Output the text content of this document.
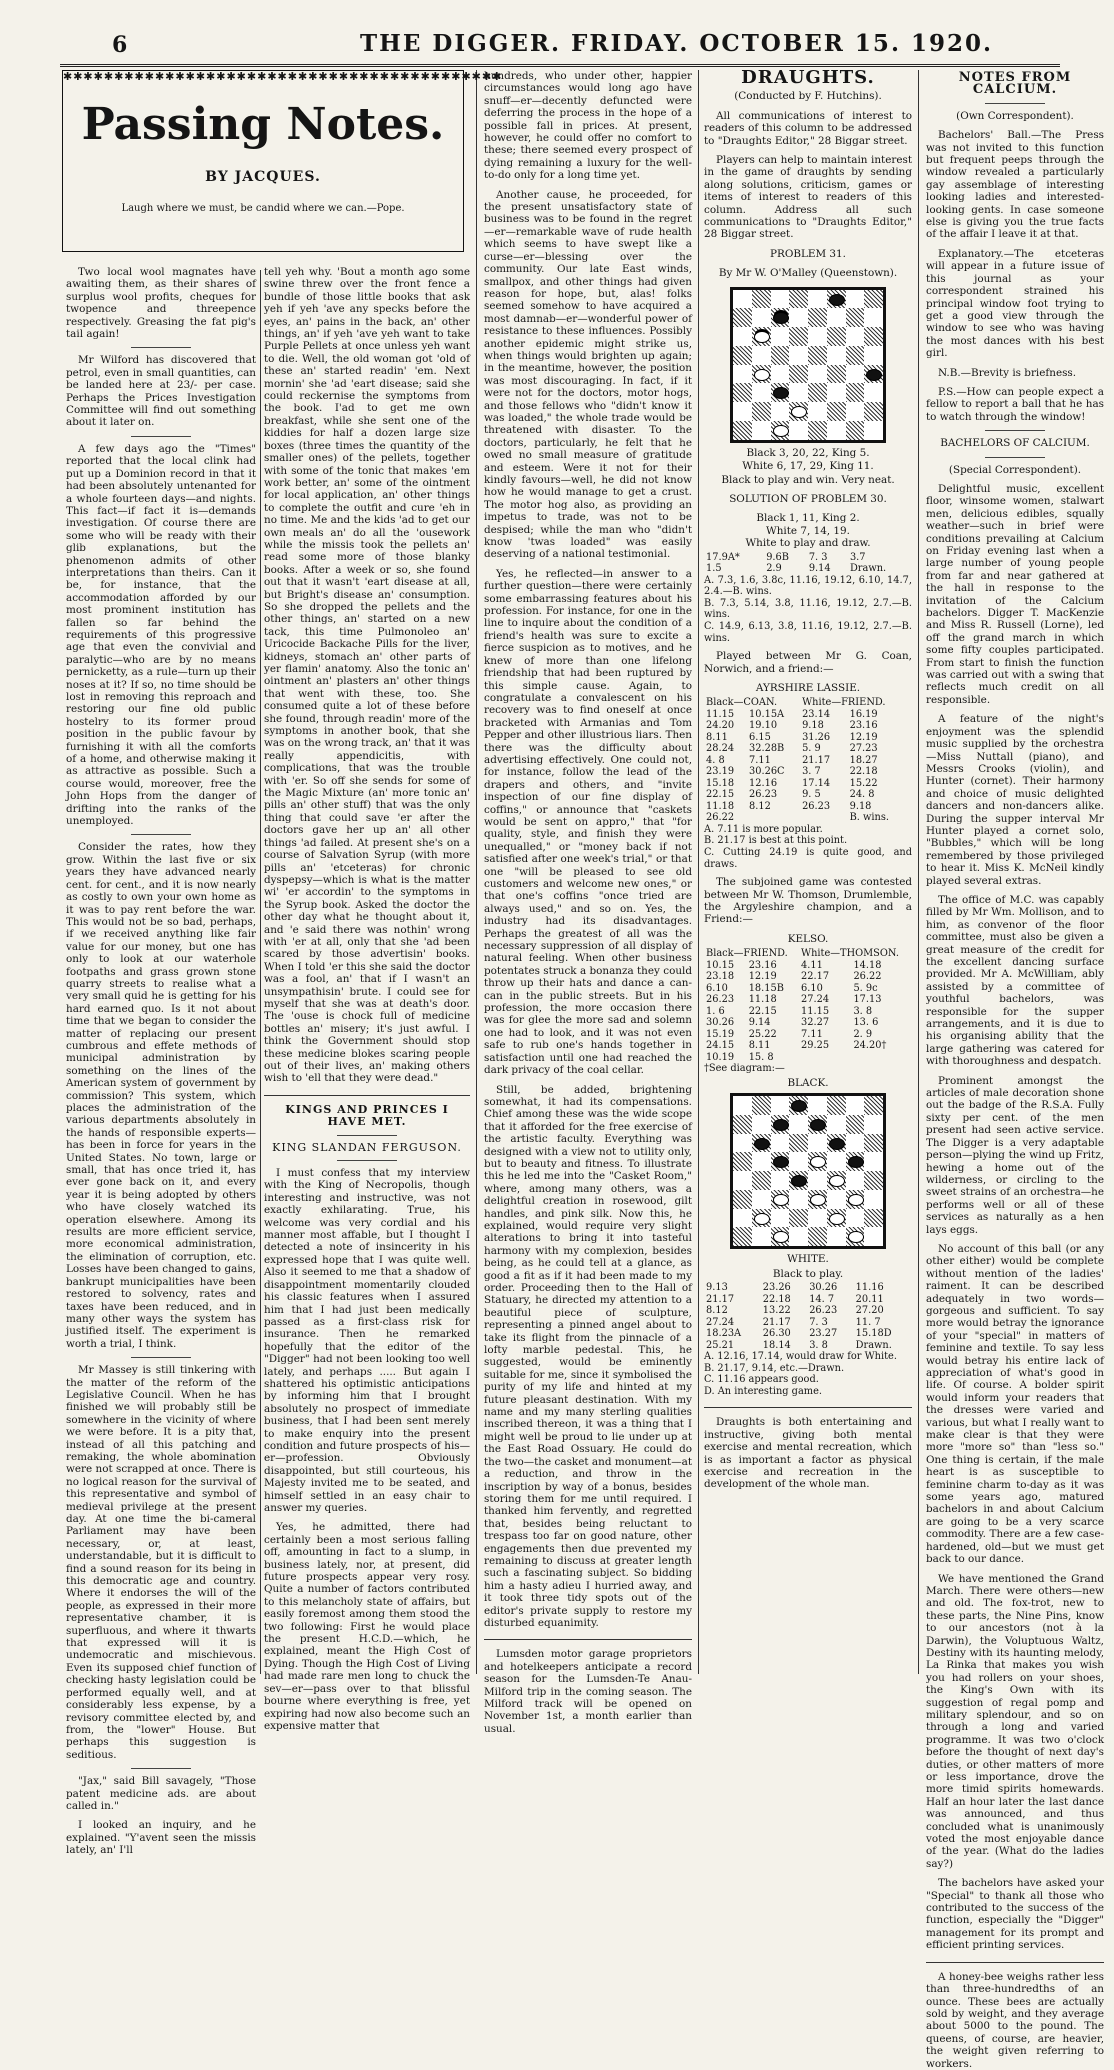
6	THE DIGGER. FRIDAY. OCTOBER 15. 1920.
✱✱✱✱✱✱✱✱✱✱✱✱✱✱✱✱✱✱✱✱✱✱✱✱✱✱✱✱✱✱✱✱✱✱✱✱✱✱✱✱✱✱✱
Passing Notes.
BY JACQUES.
Laugh where we must, be candid where we can.—Pope.

Two local wool magnates have awaiting them, as their shares of surplus wool profits, cheques for twopence and threepence respectively. Greasing the fat pig's tail again!

Mr Wilford has discovered that petrol, even in small quantities, can be landed here at 23/- per case. Perhaps the Prices Investigation Committee will find out something about it later on.

A few days ago the "Times" reported that the local clink had put up a Dominion record in that it had been absolutely untenanted for a whole fourteen days—and nights. This fact—if fact it is—demands investigation. Of course there are some who will be ready with their glib explanations, but the phenomenon admits of other interpretations than theirs. Can it be, for instance, that the accommodation afforded by our most prominent institution has fallen so far behind the requirements of this progressive age that even the convivial and paralytic—who are by no means pernicketty, as a rule—turn up their noses at it? If so, no time should be lost in removing this reproach and restoring our fine old public hostelry to its former proud position in the public favour by furnishing it with all the comforts of a home, and otherwise making it as attractive as possible. Such a course would, moreover, free the John Hops from the danger of drifting into the ranks of the unemployed.

Consider the rates, how they grow. Within the last five or six years they have advanced nearly cent. for cent., and it is now nearly as costly to own your own home as it was to pay rent before the war. This would not be so bad, perhaps, if we received anything like fair value for our money, but one has only to look at our waterhole footpaths and grass grown stone quarry streets to realise what a very small quid he is getting for his hard earned quo. Is it not about time that we began to consider the matter of replacing our present cumbrous and effete methods of municipal administration by something on the lines of the American system of government by commission? This system, which places the administration of the various departments absolutely in the hands of responsible experts—has been in force for years in the United States. No town, large or small, that has once tried it, has ever gone back on it, and every year it is being adopted by others who have closely watched its operation elsewhere. Among its results are more efficient service, more economical administration, the elimination of corruption, etc. Losses have been changed to gains, bankrupt municipalities have been restored to solvency, rates and taxes have been reduced, and in many other ways the system has justified itself. The experiment is worth a trial, I think.

Mr Massey is still tinkering with the matter of the reform of the Legislative Council. When he has finished we will probably still be somewhere in the vicinity of where we were before. It is a pity that, instead of all this patching and remaking, the whole abomination were not scrapped at once. There is no logical reason for the survival of this representative and symbol of medieval privilege at the present day. At one time the bi-cameral Parliament may have been necessary, or, at least, understandable, but it is difficult to find a sound reason for its being in this democratic age and country. Where it endorses the will of the people, as expressed in their more representative chamber, it is superfluous, and where it thwarts that expressed will it is undemocratic and mischievous. Even its supposed chief function of checking hasty legislation could be performed equally well, and at considerably less expense, by a revisory committee elected by, and from, the "lower" House. But perhaps this suggestion is seditious.

"Jax," said Bill savagely, "Those patent medicine ads. are about called in."

I looked an inquiry, and he explained. "Y'avent seen the missis lately, an' I'll

tell yeh why. 'Bout a month ago some swine threw over the front fence a bundle of those little books that ask yeh if yeh 'ave any specks before the eyes, an' pains in the back, an' other things, an' if yeh 'ave yeh want to take Purple Pellets at once unless yeh want to die. Well, the old woman got 'old of these an' started readin' 'em. Next mornin' she 'ad 'eart disease; said she could reckernise the symptoms from the book. I'ad to get me own breakfast, while she sent one of the kiddies for half a dozen large size boxes (three times the quantity of the smaller ones) of the pellets, together with some of the tonic that makes 'em work better, an' some of the ointment for local application, an' other things to complete the outfit and cure 'eh in no time. Me and the kids 'ad to get our own meals an' do all the 'ousework while the missis took the pellets an' read some more of those blanky books. After a week or so, she found out that it wasn't 'eart disease at all, but Bright's disease an' consumption. So she dropped the pellets and the other things, an' started on a new tack, this time Pulmonoleo an' Uricocide Backache Pills for the liver, kidneys, stomach an' other parts of yer flamin' anatomy. Also the tonic an' ointment an' plasters an' other things that went with these, too. She consumed quite a lot of these before she found, through readin' more of the symptoms in another book, that she was on the wrong track, an' that it was really appendicitis, with complications, that was the trouble with 'er. So off she sends for some of the Magic Mixture (an' more tonic an' pills an' other stuff) that was the only thing that could save 'er after the doctors gave her up an' all other things 'ad failed. At present she's on a course of Salvation Syrup (with more pills an' 'etceteras) for chronic dyspepsy—which is what is the matter wi' 'er accordin' to the symptoms in the Syrup book. Asked the doctor the other day what he thought about it, and 'e said there was nothin' wrong with 'er at all, only that she 'ad been scared by those advertisin' books. When I told 'er this she said the doctor was a fool, an' that if I wasn't an unsympathisin' brute. I could see for myself that she was at death's door. The 'ouse is chock full of medicine bottles an' misery; it's just awful. I think the Government should stop these medicine blokes scaring people out of their lives, an' making others wish to 'ell that they were dead."

KINGS AND PRINCES I HAVE MET.
KING SLANDAN FERGUSON.

I must confess that my interview with the King of Necropolis, though interesting and instructive, was not exactly exhilarating. True, his welcome was very cordial and his manner most affable, but I thought I detected a note of insincerity in his expressed hope that I was quite well. Also it seemed to me that a shadow of disappointment momentarily clouded his classic features when I assured him that I had just been medically passed as a first-class risk for insurance. Then he remarked hopefully that the editor of the "Digger" had not been looking too well lately, and perhaps ..... But again I shattered his optimistic anticipations by informing him that I brought absolutely no prospect of immediate business, that I had been sent merely to make enquiry into the present condition and future prospects of his—er—profession. Obviously disappointed, but still courteous, his Majesty invited me to be seated, and himself settled in an easy chair to answer my queries.

Yes, he admitted, there had certainly been a most serious falling off, amounting in fact to a slump, in business lately, nor, at present, did future prospects appear very rosy. Quite a number of factors contributed to this melancholy state of affairs, but easily foremost among them stood the two following: First he would place the present H.C.D.—which, he explained, meant the High Cost of Dying. Though the High Cost of Living had made rare men long to chuck the sev—er—pass over to that blissful bourne where everything is free, yet expiring had now also become such an expensive matter that

hundreds, who under other, happier circumstances would long ago have snuff—er—decently defuncted were deferring the process in the hope of a possible fall in prices. At present, however, he could offer no comfort to these; there seemed every prospect of dying remaining a luxury for the well-to-do only for a long time yet.

Another cause, he proceeded, for the present unsatisfactory state of business was to be found in the regret—er—remarkable wave of rude health which seems to have swept like a curse—er—blessing over the community. Our late East winds, smallpox, and other things had given reason for hope, but, alas! folks seemed somehow to have acquired a most damnab—er—wonderful power of resistance to these influences. Possibly another epidemic might strike us, when things would brighten up again; in the meantime, however, the position was most discouraging. In fact, if it were not for the doctors, motor hogs, and those fellows who "didn't know it was loaded," the whole trade would be threatened with disaster. To the doctors, particularly, he felt that he owed no small measure of gratitude and esteem. Were it not for their kindly favours—well, he did not know how he would manage to get a crust. The motor hog also, as providing an impetus to trade, was not to be despised; while the man who "didn't know 'twas loaded" was easily deserving of a national testimonial.

Yes, he reflected—in answer to a further question—there were certainly some embarrassing features about his profession. For instance, for one in the line to inquire about the condition of a friend's health was sure to excite a fierce suspicion as to motives, and he knew of more than one lifelong friendship that had been ruptured by this simple cause. Again, to congratulate a convalescent on his recovery was to find oneself at once bracketed with Armanias and Tom Pepper and other illustrious liars. Then there was the difficulty about advertising effectively. One could not, for instance, follow the lead of the drapers and others, and "invite inspection of our fine display of coffins," or announce that "caskets would be sent on appro," that "for quality, style, and finish they were unequalled," or "money back if not satisfied after one week's trial," or that one "will be pleased to see old customers and welcome new ones," or that one's coffins "once tried are always used," and so on. Yes, the industry had its disadvantages. Perhaps the greatest of all was the necessary suppression of all display of natural feeling. When other business potentates struck a bonanza they could throw up their hats and dance a can-can in the public streets. But in his profession, the more occasion there was for glee the more sad and solemn one had to look, and it was not even safe to rub one's hands together in satisfaction until one had reached the dark privacy of the coal cellar.

Still, be added, brightening somewhat, it had its compensations. Chief among these was the wide scope that it afforded for the free exercise of the artistic faculty. Everything was designed with a view not to utility only, but to beauty and fitness. To illustrate this he led me into the "Casket Room," where, among many others, was a delightful creation in rosewood, gilt handles, and pink silk. Now this, he explained, would require very slight alterations to bring it into tasteful harmony with my complexion, besides being, as he could tell at a glance, as good a fit as if it had been made to my order. Proceeding then to the Hall of Statuary, he directed my attention to a beautiful piece of sculpture, representing a pinned angel about to take its flight from the pinnacle of a lofty marble pedestal. This, he suggested, would be eminently suitable for me, since it symbolised the purity of my life and hinted at my future pleasant destination. With my name and my many sterling qualities inscribed thereon, it was a thing that I might well be proud to lie under up at the East Road Ossuary. He could do the two—the casket and monument—at a reduction, and throw in the inscription by way of a bonus, besides storing them for me until required. I thanked him fervently, and regretted that, besides being reluctant to trespass too far on good nature, other engagements then due prevented my remaining to discuss at greater length such a fascinating subject. So bidding him a hasty adieu I hurried away, and it took three tidy spots out of the editor's private supply to restore my disturbed equanimity.

Lumsden motor garage proprietors and hotelkeepers anticipate a record season for the Lumsden-Te Anau-Milford trip in the coming season. The Milford track will be opened on November 1st, a month earlier than usual.

DRAUGHTS.

(Conducted by F. Hutchins).

All communications of interest to readers of this column to be addressed to "Draughts Editor," 28 Biggar street.

Players can help to maintain interest in the game of draughts by sending along solutions, criticism, games or items of interest to readers of this column. Address all such communications to "Draughts Editor," 28 Biggar street.

PROBLEM 31.

By Mr W. O'Malley (Queenstown).

Black 3, 20, 22, King 5.

White 6, 17, 29, King 11.

Black to play and win. Very neat.

SOLUTION OF PROBLEM 30.

Black 1, 11, King 2.

White 7, 14, 19.

White to play and draw.

17.9A*	9.6B	7. 3	3.7
1.5	2.9	9.14	Drawn.

A. 7.3, 1.6, 3.8c, 11.16, 19.12, 6.10, 14.7, 2.4.—B. wins.

B. 7.3, 5.14, 3.8, 11.16, 19.12, 2.7.—B. wins.

C. 14.9, 6.13, 3.8, 11.16, 19.12, 2.7.—B. wins.

Played between Mr G. Coan, Norwich, and a friend:—

AYRSHIRE LASSIE.

Black—COAN.		White—FRIEND.	
11.15	10.15A	23.14	16.19
24.20	19.10	9.18	23.16
8.11	6.15	31.26	12.19
28.24	32.28B	5. 9	27.23
4. 8	7.11	21.17	18.27
23.19	30.26C	3. 7	22.18
15.18	12.16	17.14	15.22
22.15	26.23	9. 5	24. 8
11.18	8.12	26.23	9.18
26.22			B. wins.

A. 7.11 is more popular.

B. 21.17 is best at this point.

C. Cutting 24.19 is quite good, and draws.

The subjoined game was contested between Mr W. Thomson, Drumlemble, the Argyleshire champion, and a Friend:—

KELSO.

Black—FRIEND.		White—THOMSON.	
10.15	23.16	4.11	14.18
23.18	12.19	22.17	26.22
6.10	18.15B	6.10	5. 9c
26.23	11.18	27.24	17.13
1. 6	22.15	11.15	3. 8
30.26	9.14	32.27	13. 6
15.19	25.22	7.11	2. 9
24.15	8.11	29.25	24.20†
10.19	15. 8		

†See diagram:—

BLACK.

WHITE.

Black to play.

9.13	23.26	30.26	11.16
21.17	22.18	14. 7	20.11
8.12	13.22	26.23	27.20
27.24	21.17	7. 3	11. 7
18.23A	26.30	23.27	15.18D
25.21	18.14	3. 8	Drawn.

A. 12.16, 17.14, would draw for White.

B. 21.17, 9.14, etc.—Drawn.

C. 11.16 appears good.

D. An interesting game.

Draughts is both entertaining and instructive, giving both mental exercise and mental recreation, which is as important a factor as physical exercise and recreation in the development of the whole man.

NOTES FROM CALCIUM.

(Own Correspondent).

Bachelors' Ball.—The Press was not invited to this function but frequent peeps through the window revealed a particularly gay assemblage of interesting looking ladies and interested-looking gents. In case someone else is giving you the true facts of the affair I leave it at that.

Explanatory.—The etceteras will appear in a future issue of this journal as your correspondent strained his principal window foot trying to get a good view through the window to see who was having the most dances with his best girl.

N.B.—Brevity is briefness.

P.S.—How can people expect a fellow to report a ball that he has to watch through the window!

BACHELORS OF CALCIUM.

(Special Correspondent).

Delightful music, excellent floor, winsome women, stalwart men, delicious edibles, squally weather—such in brief were conditions prevailing at Calcium on Friday evening last when a large number of young people from far and near gathered at the hall in response to the invitation of the Calcium bachelors. Digger T. MacKenzie and Miss R. Russell (Lorne), led off the grand march in which some fifty couples participated. From start to finish the function was carried out with a swing that reflects much credit on all responsible.

A feature of the night's enjoyment was the splendid music supplied by the orchestra—Miss Nuttall (piano), and Messrs Crooks (violin), and Hunter (cornet). Their harmony and choice of music delighted dancers and non-dancers alike. During the supper interval Mr Hunter played a cornet solo, "Bubbles," which will be long remembered by those privileged to hear it. Miss K. McNeil kindly played several extras.

The office of M.C. was capably filled by Mr Wm. Mollison, and to him, as convenor of the floor committee, must also be given a great measure of the credit for the excellent dancing surface provided. Mr A. McWilliam, ably assisted by a committee of youthful bachelors, was responsible for the supper arrangements, and it is due to his organising ability that the large gathering was catered for with thoroughness and despatch.

Prominent amongst the articles of male decoration shone out the badge of the R.S.A. Fully sixty per cent. of the men present had seen active service. The Digger is a very adaptable person—plying the wind up Fritz, hewing a home out of the wilderness, or circling to the sweet strains of an orchestra—he performs well or all of these services as naturally as a hen lays eggs.

No account of this ball (or any other either) would be complete without mention of the ladies' raiment. It can be described adequately in two words—gorgeous and sufficient. To say more would betray the ignorance of your "special" in matters of feminine and textile. To say less would betray his entire lack of appreciation of what's good in life. Of course. A bolder spirit would inform your readers that the dresses were varied and various, but what I really want to make clear is that they were more "more so" than "less so." One thing is certain, if the male heart is as susceptible to feminine charm to-day as it was some years ago, matured bachelors in and about Calcium are going to be a very scarce commodity. There are a few case-hardened, old—but we must get back to our dance.

We have mentioned the Grand March. There were others—new and old. The fox-trot, new to these parts, the Nine Pins, know to our ancestors (not à la Darwin), the Voluptuous Waltz, Destiny with its haunting melody, La Rinka that makes you wish you had rollers on your shoes, the King's Own with its suggestion of regal pomp and military splendour, and so on through a long and varied programme. It was two o'clock before the thought of next day's duties, or other matters of more or less importance, drove the more timid spirits homewards. Half an hour later the last dance was announced, and thus concluded what is unanimously voted the most enjoyable dance of the year. (What do the ladies say?)

The bachelors have asked your "Special" to thank all those who contributed to the success of the function, especially the "Digger" management for its prompt and efficient printing services.

A honey-bee weighs rather less than three-hundredths of an ounce. These bees are actually sold by weight, and they average about 5000 to the pound. The queens, of course, are heavier, the weight given referring to workers.
